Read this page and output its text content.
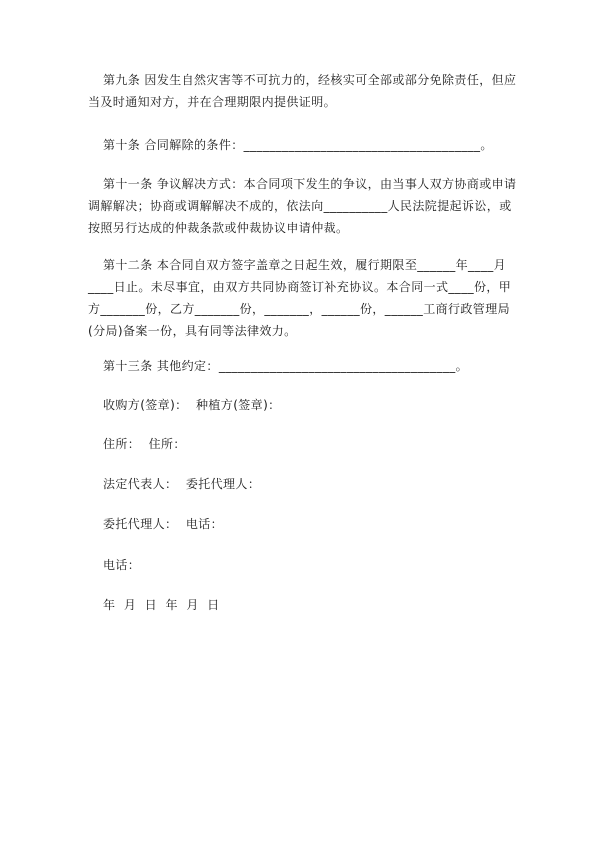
第九条 因发生自然灾害等不可抗力的，经核实可全部或部分免除责任，但应当及时通知对方，并在合理期限内提供证明。

第十条 合同解除的条件：_____________________________________。

第十一条 争议解决方式：本合同项下发生的争议，由当事人双方协商或申请调解解决；协商或调解解决不成的，依法向__________人民法院提起诉讼，或按照另行达成的仲裁条款或仲裁协议申请仲裁。

第十二条 本合同自双方签字盖章之日起生效，履行期限至______年____月____日止。未尽事宜，由双方共同协商签订补充协议。本合同一式____份，甲方_______份，乙方_______份，_______，______份，______工商行政管理局(分局)备案一份，具有同等法律效力。

第十三条 其他约定：_____________________________________。

收购方(签章)：  种植方(签章)：

住所：  住所：

法定代表人：  委托代理人：

委托代理人：  电话：

电话：

年  月  日  年  月  日
